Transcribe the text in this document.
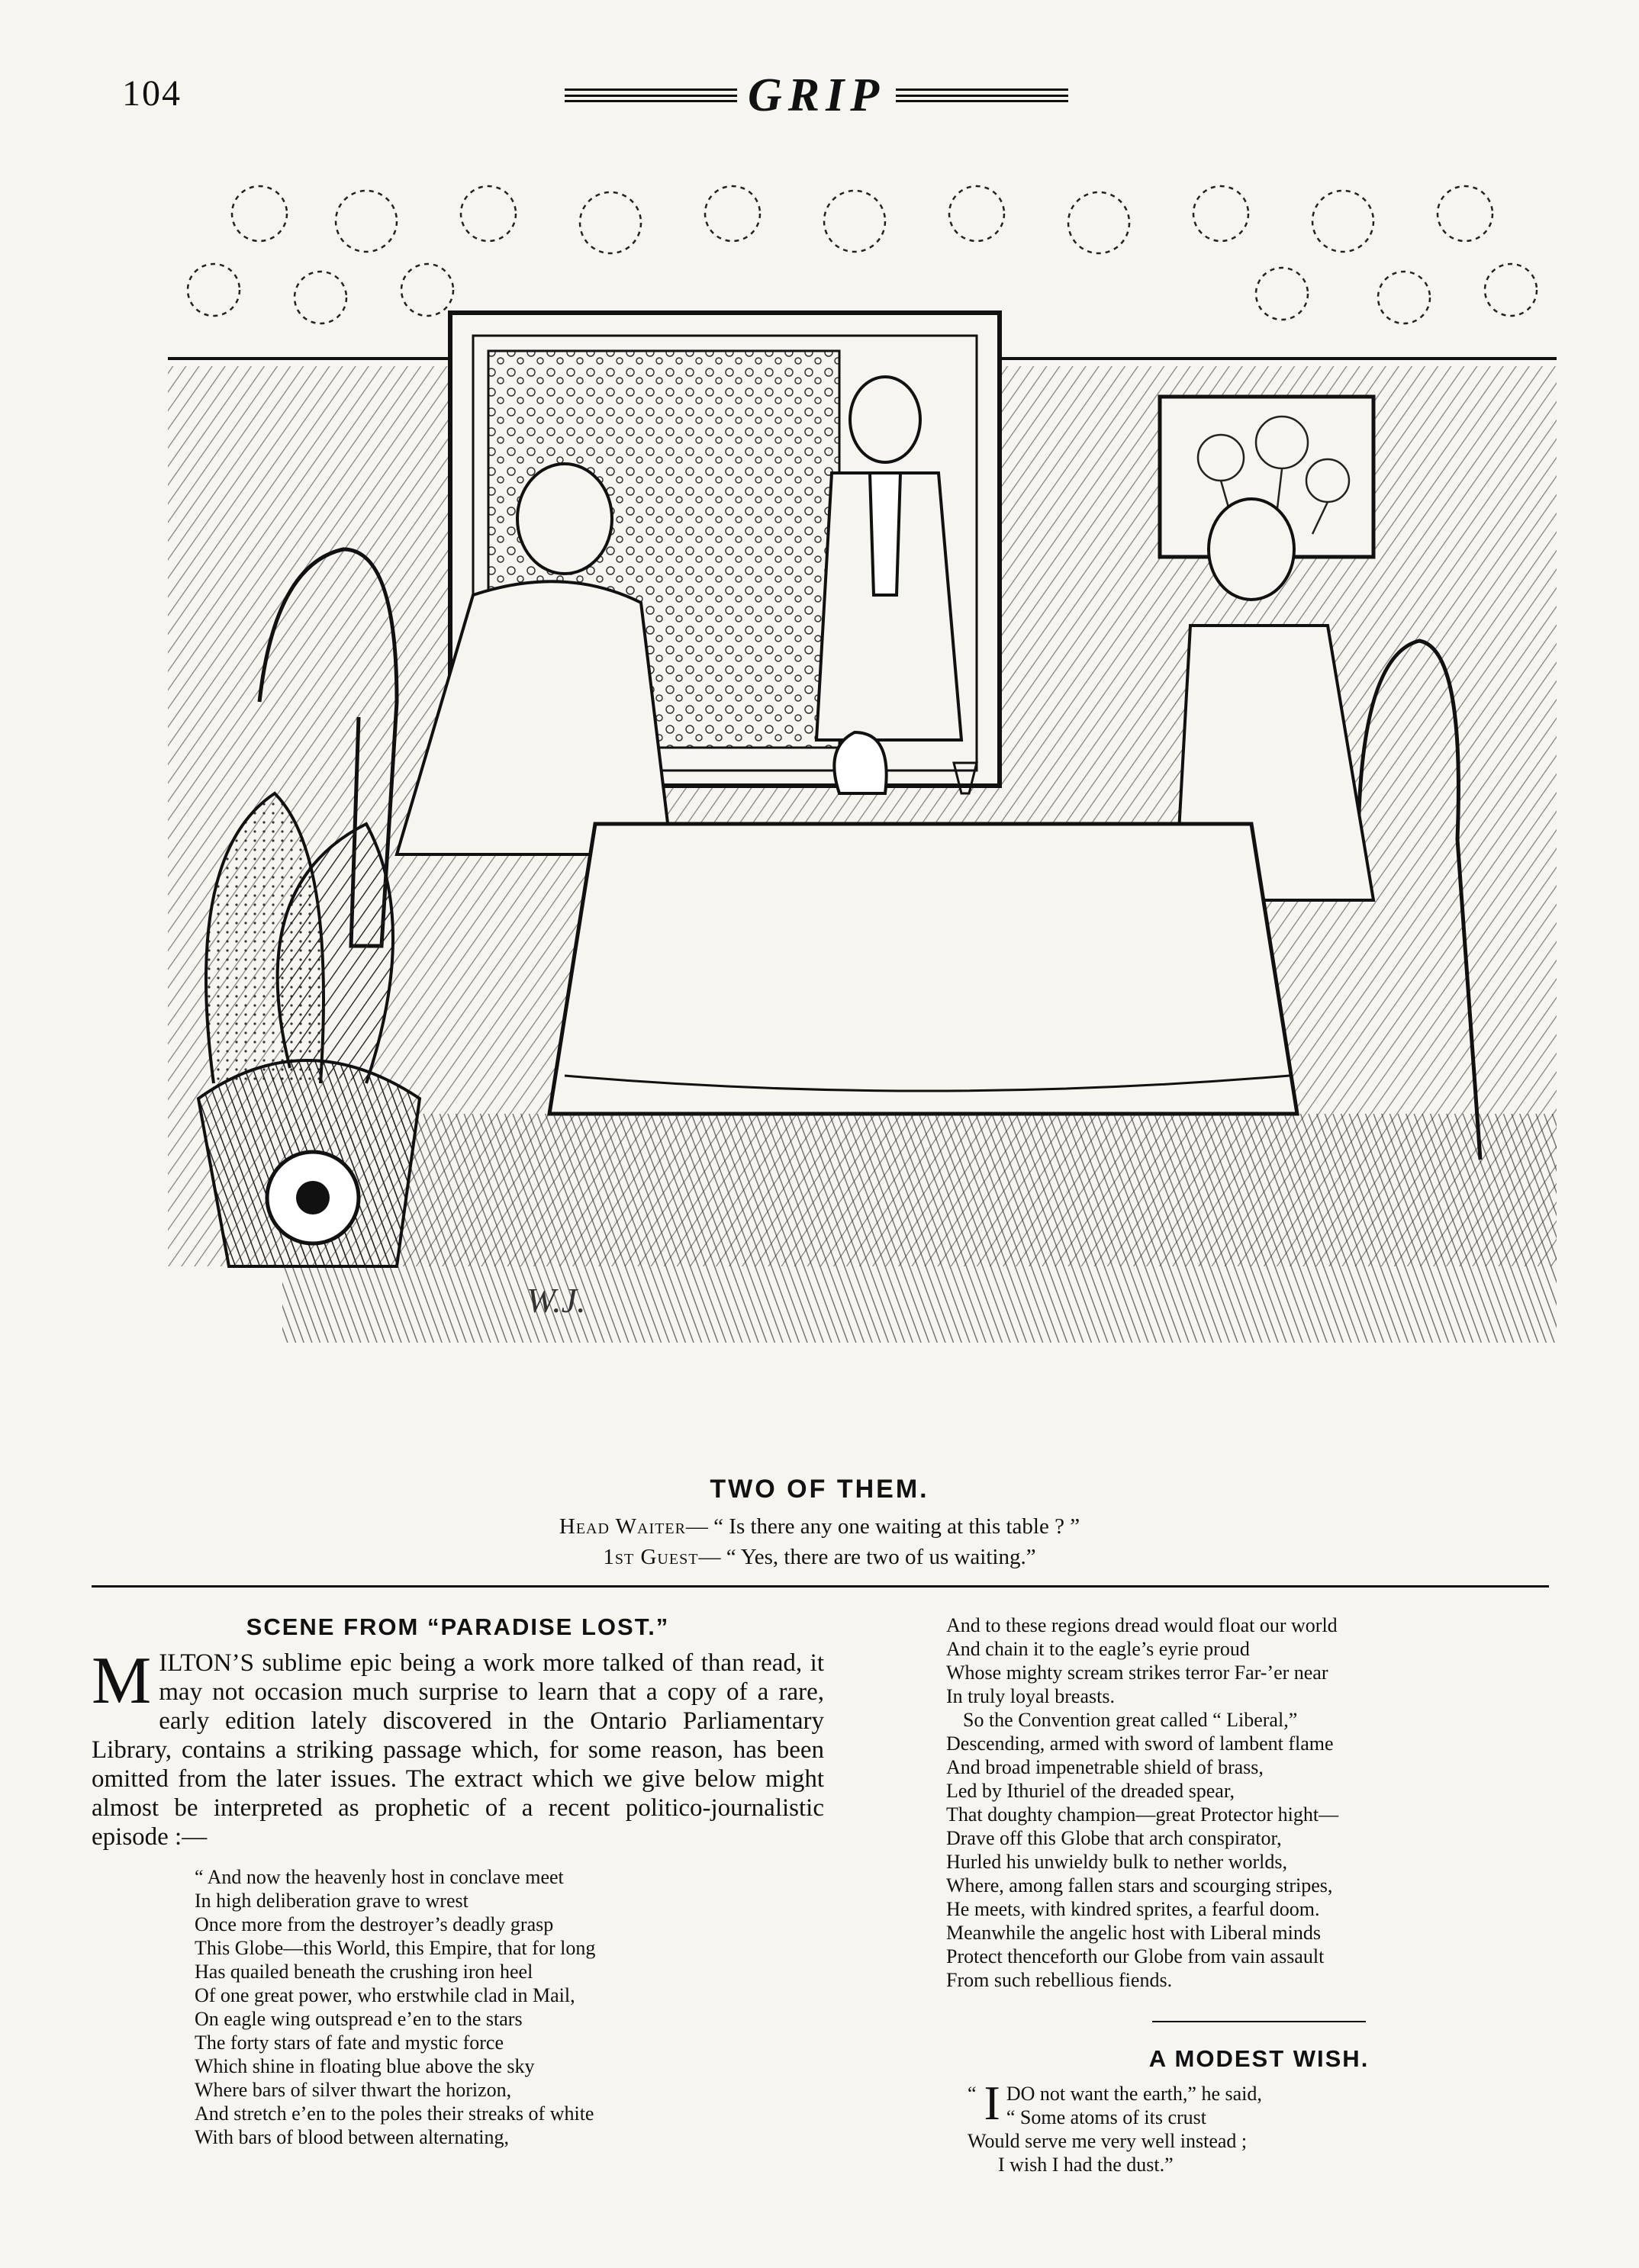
104	GRIP
W.J.
TWO OF THEM.
Head Waiter— “ Is there any one waiting at this table ? ”
1st Guest— “ Yes, there are two of us waiting.”
SCENE FROM “PARADISE LOST.”

MILTON’S sublime epic being a work more talked of than read, it may not occasion much surprise to learn that a copy of a rare, early edition lately discovered in the Ontario Parliamentary Library, contains a striking passage which, for some reason, has been omitted from the later issues. The extract which we give below might almost be interpreted as prophetic of a recent politico-journalistic episode :—

“ And now the heavenly host in conclave meet
In high deliberation grave to wrest
Once more from the destroyer’s deadly grasp
This Globe—this World, this Empire, that for long
Has quailed beneath the crushing iron heel
Of one great power, who erstwhile clad in Mail,
On eagle wing outspread e’en to the stars
The forty stars of fate and mystic force
Which shine in floating blue above the sky
Where bars of silver thwart the horizon,
And stretch e’en to the poles their streaks of white
With bars of blood between alternating,
And to these regions dread would float our world
And chain it to the eagle’s eyrie proud
Whose mighty scream strikes terror Far-’er near
In truly loyal breasts.
So the Convention great called “ Liberal,”
Descending, armed with sword of lambent flame
And broad impenetrable shield of brass,
Led by Ithuriel of the dreaded spear,
That doughty champion—great Protector hight—
Drave off this Globe that arch conspirator,
Hurled his unwieldy bulk to nether worlds,
Where, among fallen stars and scourging stripes,
He meets, with kindred sprites, a fearful doom.
Meanwhile the angelic host with Liberal minds
Protect thenceforth our Globe from vain assault
From such rebellious fiends.
A MODEST WISH.
“ I DO not want the earth,” he said,
“ Some atoms of its crust
Would serve me very well instead ;
I wish I had the dust.”
